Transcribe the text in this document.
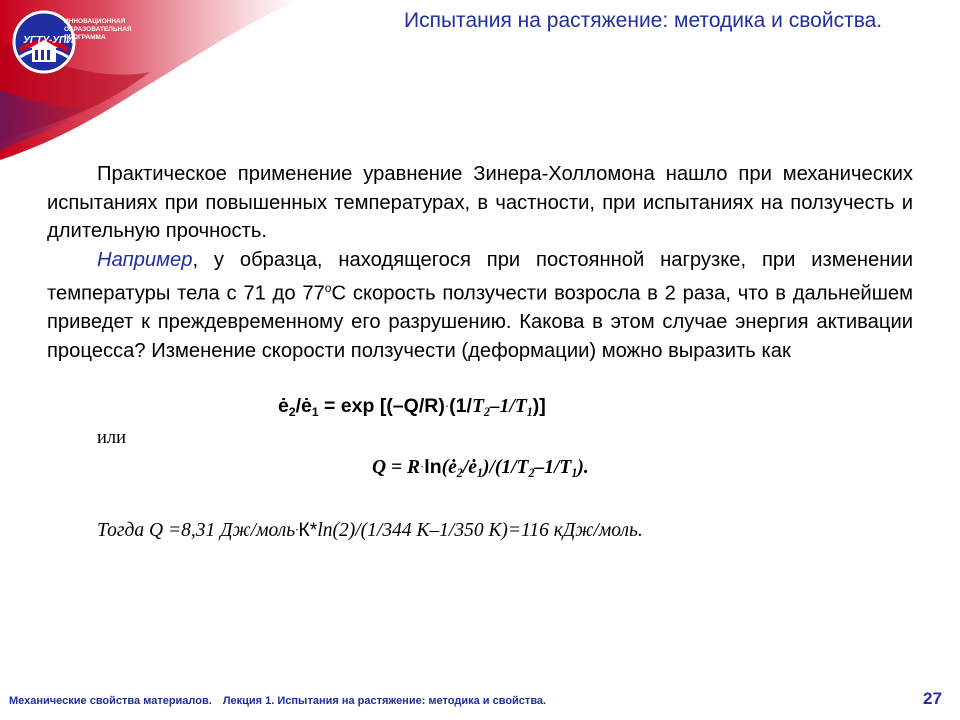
ИННОВАЦИОННАЯ ОБРАЗОВАТЕЛЬНАЯ ПРОГРАММА
УГТУ-УПИ
Испытания на растяжение: методика и свойства.

Практическое применение уравнение Зинера-Холломона нашло при механических испытаниях при повышенных температурах, в частности, при испытаниях на ползучесть и длительную прочность.

Например, у образца, находящегося при постоянной нагрузке, при изменении температуры тела с 71 до $77^оС$ скорость ползучести возросла в 2 раза, что в дальнейшем приведет к преждевременному его разрушению. Какова в этом случае энергия активации процесса? Изменение скорости ползучести (деформации) можно выразить как

$ė_2/ė_1 = \exp [(-Q/R)\cdot(1/T_2-1/T_1)]$
или
$Q = R\cdot\ln(ė_2/ė_1)/(1/T_2-1/T_1)$.
Тогда Q =8,31 Дж/моль·К*ln(2)/(1/344 К–1/350 К)=116 кДж/моль.
Механические свойства материалов. Лекция 1. Испытания на растяжение: методика и свойства.	27
